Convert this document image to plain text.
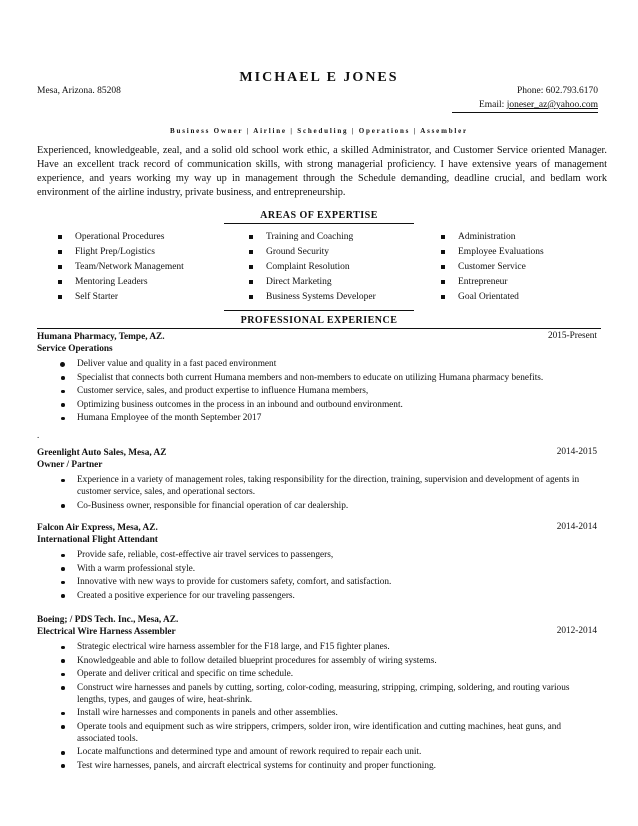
MICHAEL E JONES
Mesa, Arizona. 85208	Phone: 602.793.6170
Email: joneser_az@yahoo.com
Business Owner | Airline | Scheduling | Operations | Assembler
Experienced, knowledgeable, zeal, and a solid old school work ethic, a skilled Administrator, and Customer Service oriented Manager. Have an excellent track record of communication skills, with strong managerial proficiency. I have extensive years of management experience, and years working my way up in management through the Schedule demanding, deadline crucial, and bedlam work environment of the airline industry, private business, and entrepreneurship.
AREAS OF EXPERTISE
Operational Procedures
Flight Prep/Logistics
Team/Network Management
Mentoring Leaders
Self Starter
Training and Coaching
Ground Security
Complaint Resolution
Direct Marketing
Business Systems Developer
Administration
Employee Evaluations
Customer Service
Entrepreneur
Goal Orientated
PROFESSIONAL EXPERIENCE
Humana Pharmacy, Tempe, AZ.
Service Operations
2015-Present
Deliver value and quality in a fast paced environment
Specialist that connects both current Humana members and non-members to educate on utilizing Humana pharmacy benefits.
Customer service, sales, and product expertise to influence Humana members,
Optimizing business outcomes in the process in an inbound and outbound environment.
Humana Employee of the month September 2017
.
Greenlight Auto Sales, Mesa, AZ
Owner / Partner
2014-2015
Experience in a variety of management roles, taking responsibility for the direction, training, supervision and development of agents in customer service, sales, and operational sectors.
Co-Business owner, responsible for financial operation of car dealership.
Falcon Air Express, Mesa, AZ.
International Flight Attendant
2014-2014
Provide safe, reliable, cost-effective air travel services to passengers,
With a warm professional style.
Innovative with new ways to provide for customers safety, comfort, and satisfaction.
Created a positive experience for our traveling passengers.
Boeing; / PDS Tech. Inc., Mesa, AZ.
Electrical Wire Harness Assembler	2012-2014
Strategic electrical wire harness assembler for the F18 large, and F15 fighter planes.
Knowledgeable and able to follow detailed blueprint procedures for assembly of wiring systems.
Operate and deliver critical and specific on time schedule.
Construct wire harnesses and panels by cutting, sorting, color-coding, measuring, stripping, crimping, soldering, and routing various lengths, types, and gauges of wire, heat-shrink.
Install wire harnesses and components in panels and other assemblies.
Operate tools and equipment such as wire strippers, crimpers, solder iron, wire identification and cutting machines, heat guns, and associated tools.
Locate malfunctions and determined type and amount of rework required to repair each unit.
Test wire harnesses, panels, and aircraft electrical systems for continuity and proper functioning.
